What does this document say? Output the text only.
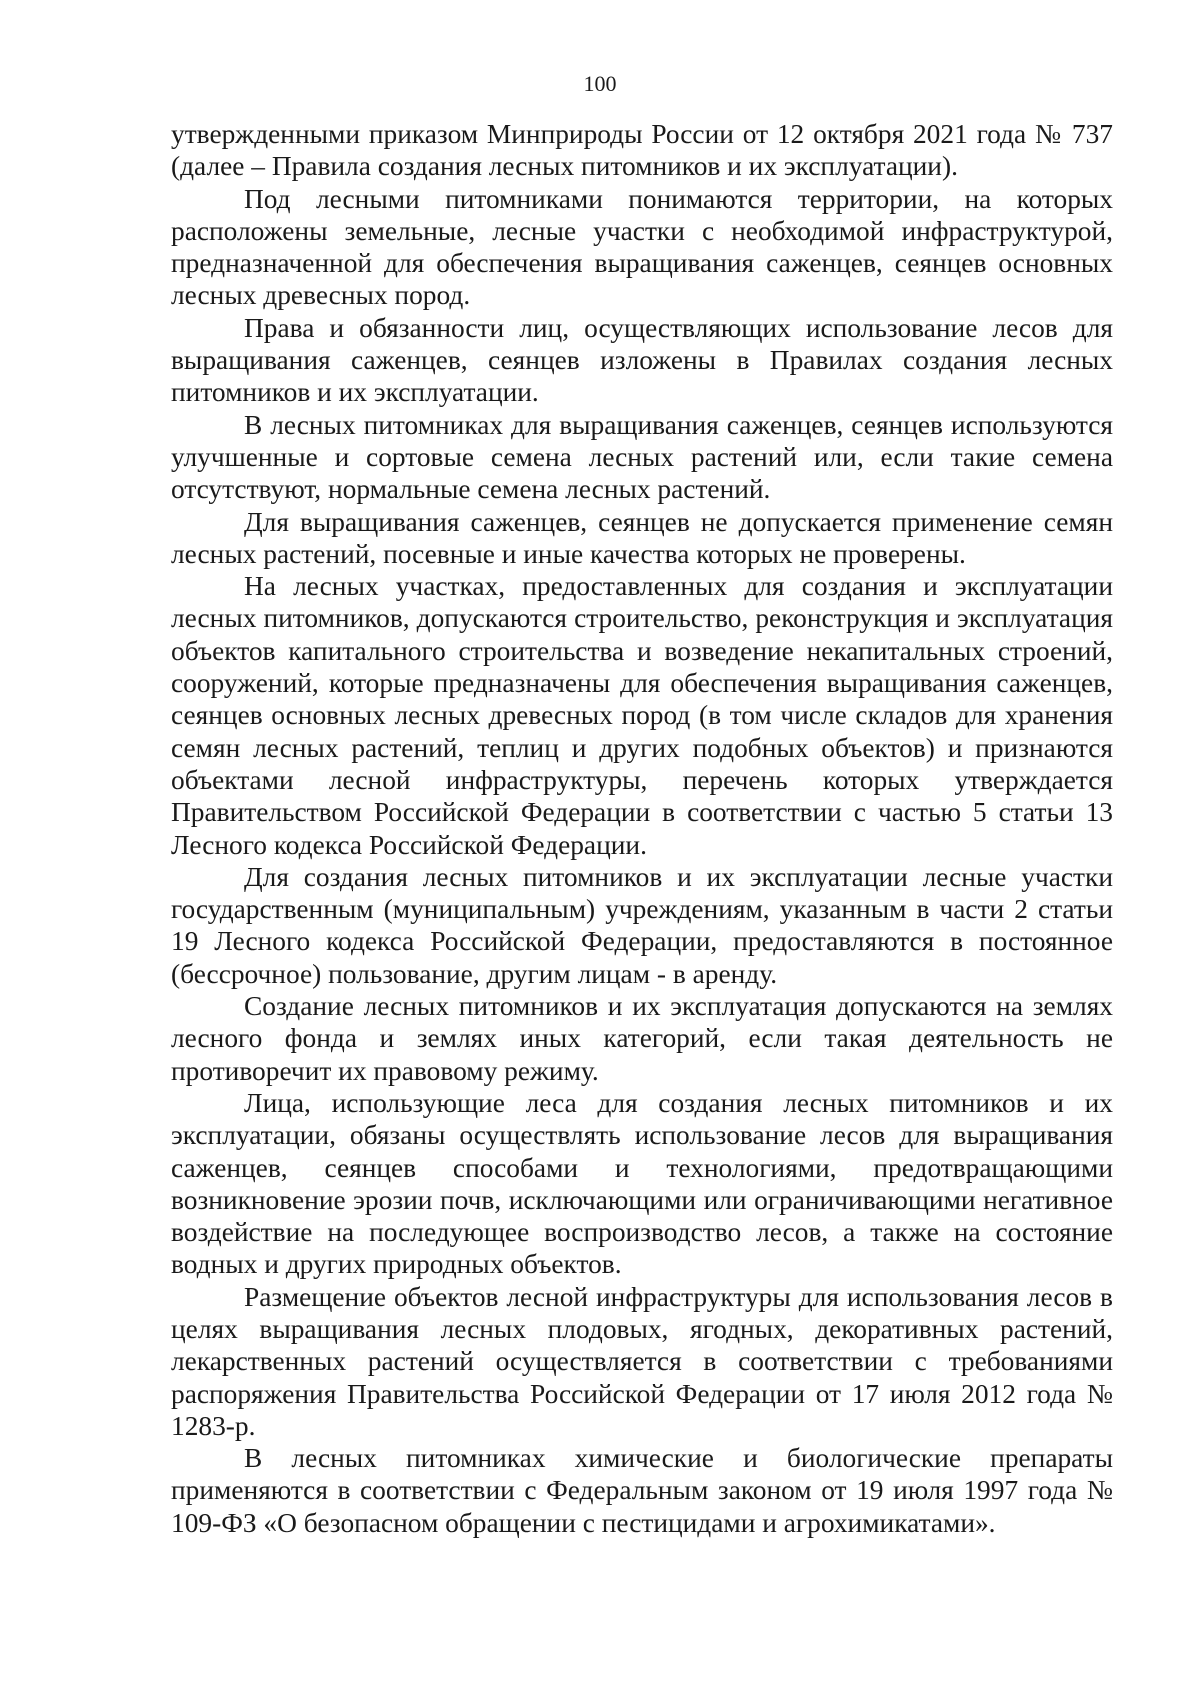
100

утвержденными приказом Минприроды России от 12 октября 2021 года № 737 (далее – Правила создания лесных питомников и их эксплуатации).

Под лесными питомниками понимаются территории, на которых расположены земельные, лесные участки с необходимой инфраструктурой, предназначенной для обеспечения выращивания саженцев, сеянцев основных лесных древесных пород.

Права и обязанности лиц, осуществляющих использование лесов для выращивания саженцев, сеянцев изложены в Правилах создания лесных питомников и их эксплуатации.

В лесных питомниках для выращивания саженцев, сеянцев используются улучшенные и сортовые семена лесных растений или, если такие семена отсутствуют, нормальные семена лесных растений.

Для выращивания саженцев, сеянцев не допускается применение семян лесных растений, посевные и иные качества которых не проверены.

На лесных участках, предоставленных для создания и эксплуатации лесных питомников, допускаются строительство, реконструкция и эксплуатация объектов капитального строительства и возведение некапитальных строений, сооружений, которые предназначены для обеспечения выращивания саженцев, сеянцев основных лесных древесных пород (в том числе складов для хранения семян лесных растений, теплиц и других подобных объектов) и признаются объектами лесной инфраструктуры, перечень которых утверждается Правительством Российской Федерации в соответствии с частью 5 статьи 13 Лесного кодекса Российской Федерации.

Для создания лесных питомников и их эксплуатации лесные участки государственным (муниципальным) учреждениям, указанным в части 2 статьи 19 Лесного кодекса Российской Федерации, предоставляются в постоянное (бессрочное) пользование, другим лицам - в аренду.

Создание лесных питомников и их эксплуатация допускаются на землях лесного фонда и землях иных категорий, если такая деятельность не противоречит их правовому режиму.

Лица, использующие леса для создания лесных питомников и их эксплуатации, обязаны осуществлять использование лесов для выращивания саженцев, сеянцев способами и технологиями, предотвращающими возникновение эрозии почв, исключающими или ограничивающими негативное воздействие на последующее воспроизводство лесов, а также на состояние водных и других природных объектов.

Размещение объектов лесной инфраструктуры для использования лесов в целях выращивания лесных плодовых, ягодных, декоративных растений, лекарственных растений осуществляется в соответствии с требованиями распоряжения Правительства Российской Федерации от 17 июля 2012 года № 1283-р.

В лесных питомниках химические и биологические препараты применяются в соответствии с Федеральным законом от 19 июля 1997 года № 109-ФЗ «О безопасном обращении с пестицидами и агрохимикатами».
